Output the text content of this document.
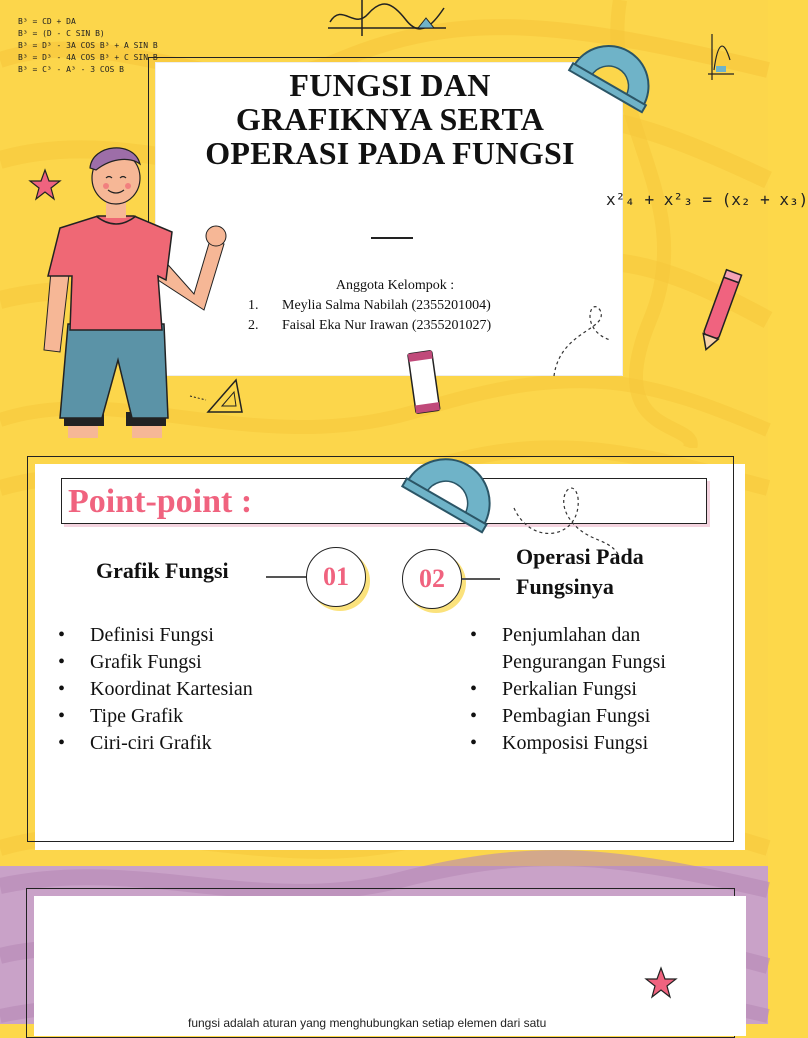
B³ = CD + DA
B³ = (D - C SIN B)
B³ = D³ - 3A COS B³ + A SIN B
B³ = D³ - 4A COS B³ + C SIN B
B³ = C³ - A³ - 3 COS B	FUNGSI DAN GRAFIKNYA SERTA OPERASI PADA FUNGSI
Anggota Kelompok :
1.	Meylia Salma Nabilah (2355201004)
2.	Faisal Eka Nur Irawan (2355201027)
x²₄ + x²₃ = (x₂ + x₃)
Point-point :
Grafik Fungsi	01	02
Operasi Pada Fungsinya
• Definisi Fungsi
• Grafik Fungsi
• Koordinat Kartesian
• Tipe Grafik
• Ciri-ciri Grafik
• Penjumlahan dan Pengurangan Fungsi
• Perkalian Fungsi
• Pembagian Fungsi
• Komposisi Fungsi
fungsi adalah aturan yang menghubungkan setiap elemen dari satu
